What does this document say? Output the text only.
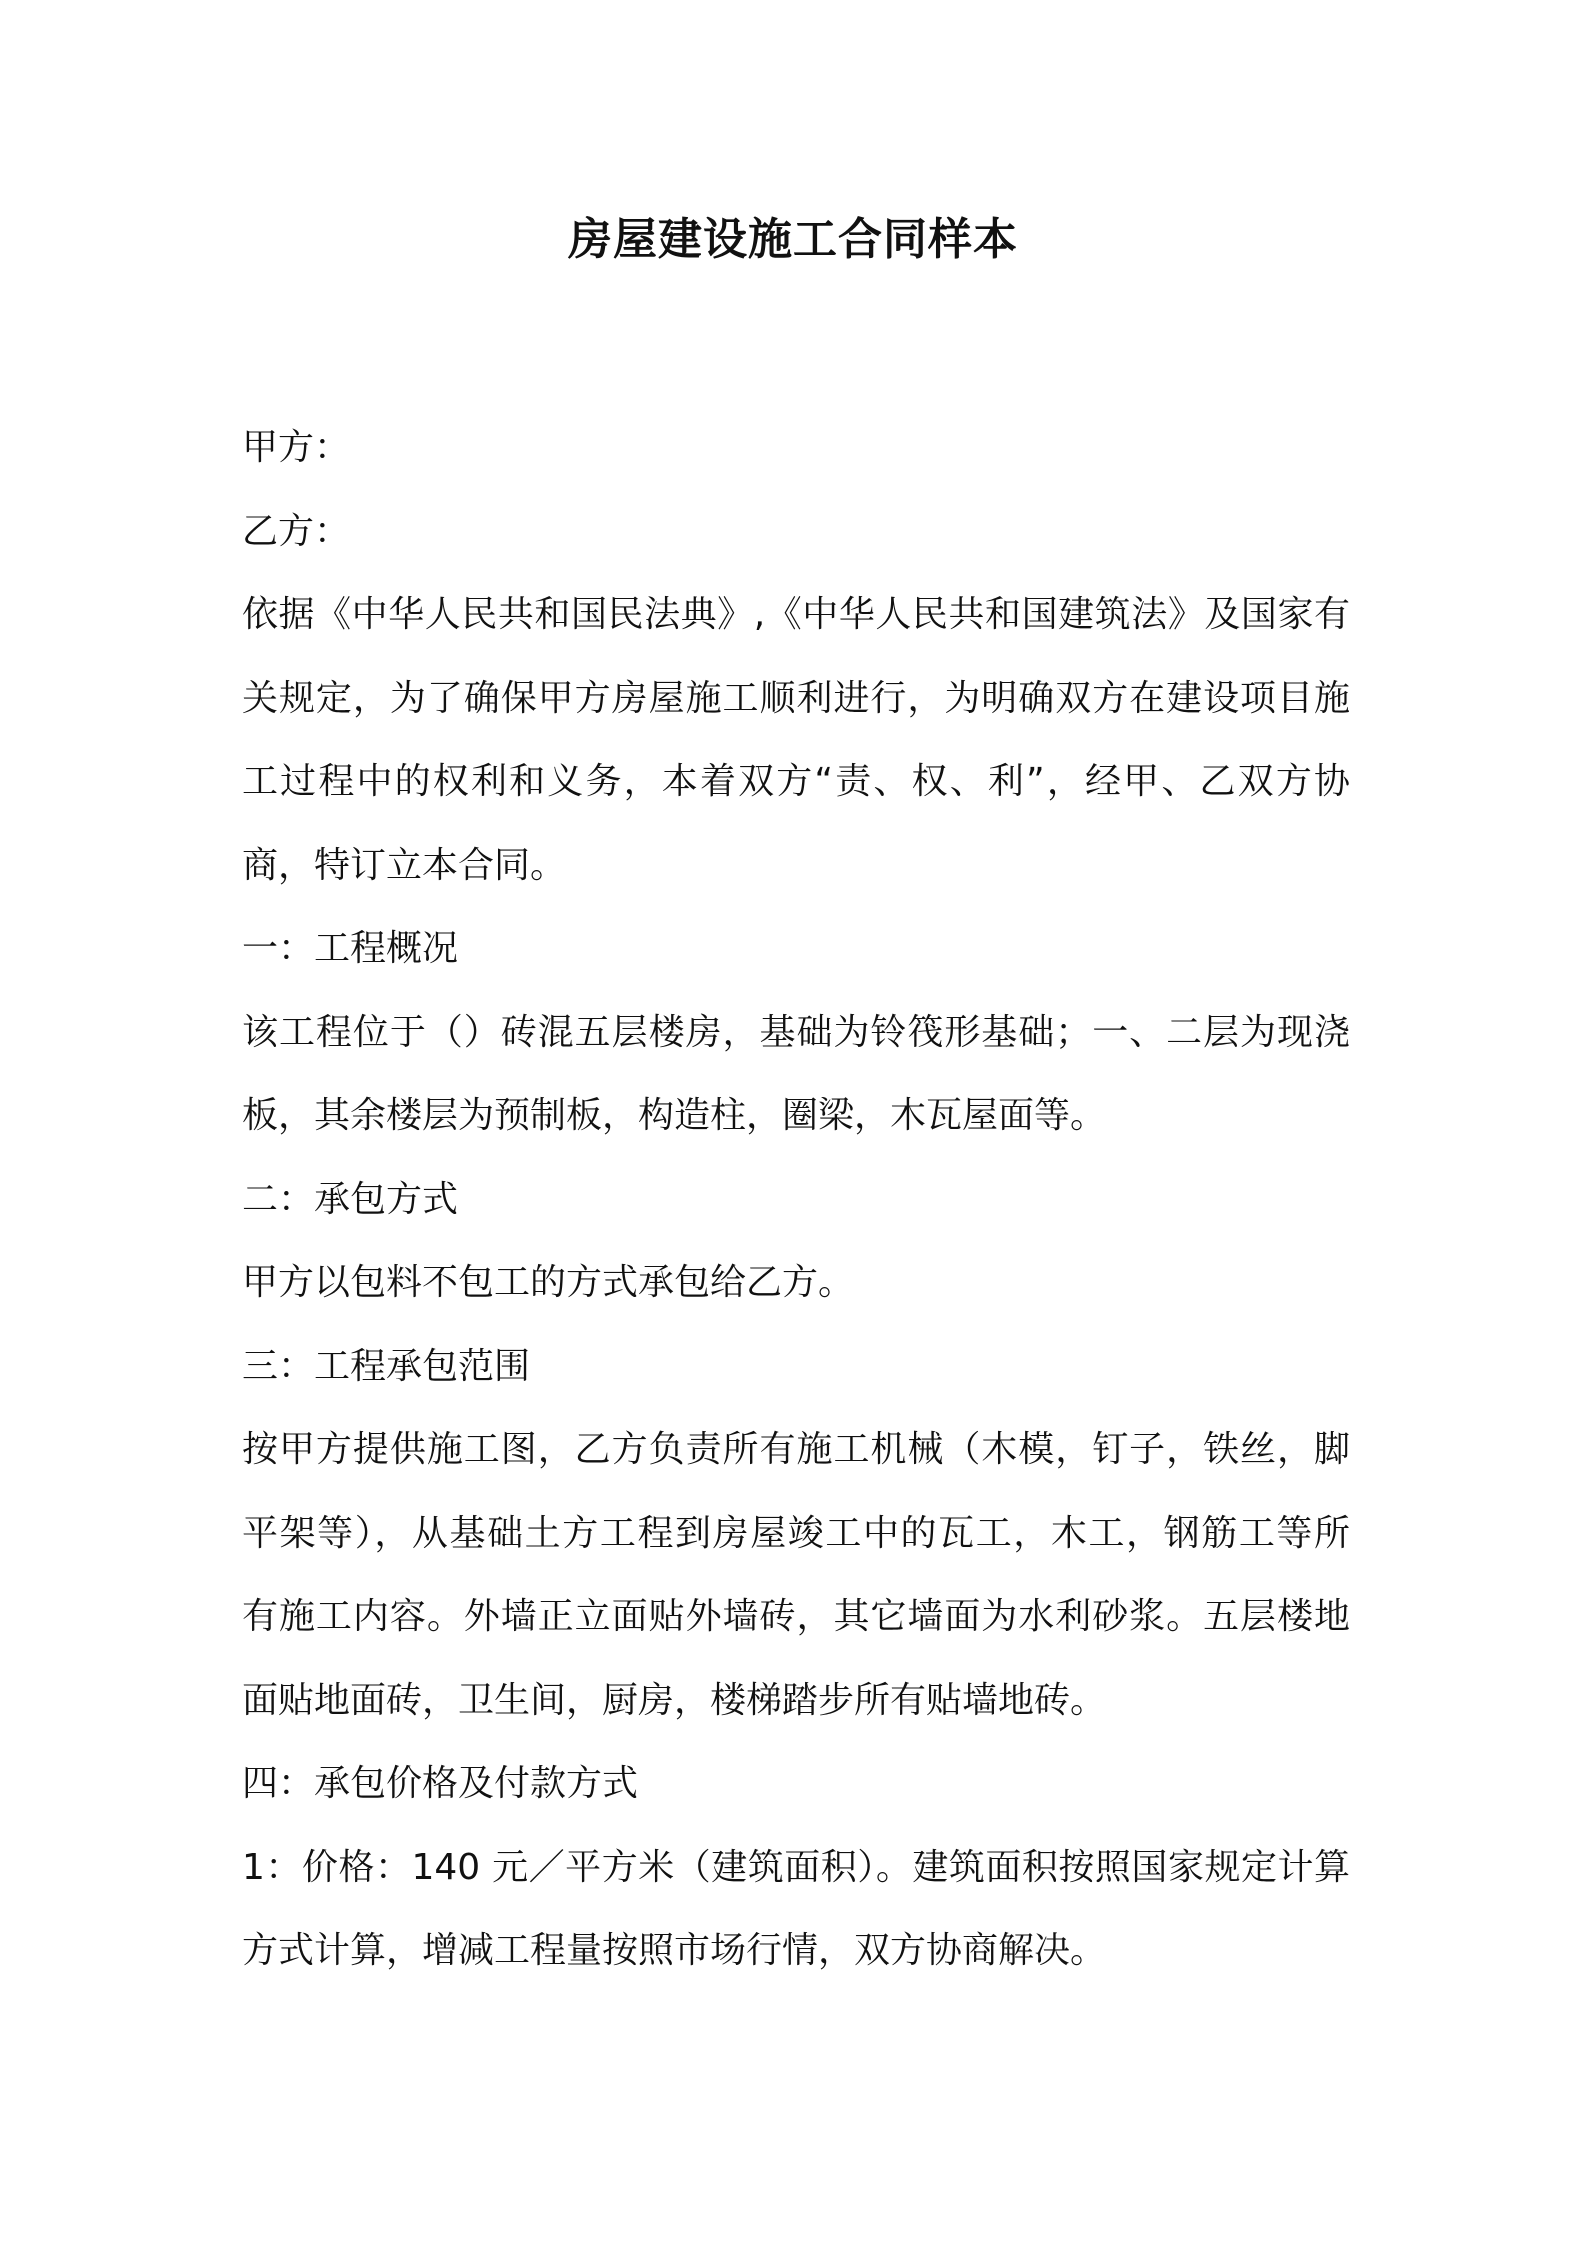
房屋建设施工合同样本
甲方：
乙方：
依据《中华人民共和国民法典》,《中华人民共和国建筑法》及国家有
关规定，为了确保甲方房屋施工顺利进行，为明确双方在建设项目施
工过程中的权利和义务，本着双方“责、权、利”，经甲、乙双方协
商，特订立本合同。
一：工程概况
该工程位于（）砖混五层楼房，基础为铃筏形基础；一、二层为现浇
板，其余楼层为预制板，构造柱，圈梁，木瓦屋面等。
二：承包方式
甲方以包料不包工的方式承包给乙方。
三：工程承包范围
按甲方提供施工图，乙方负责所有施工机械（木模，钉子，铁丝，脚
平架等），从基础土方工程到房屋竣工中的瓦工，木工，钢筋工等所
有施工内容。外墙正立面贴外墙砖，其它墙面为水利砂浆。五层楼地
面贴地面砖，卫生间，厨房，楼梯踏步所有贴墙地砖。
四：承包价格及付款方式
1：价格：140 元／平方米（建筑面积）。建筑面积按照国家规定计算
方式计算，增减工程量按照市场行情，双方协商解决。
